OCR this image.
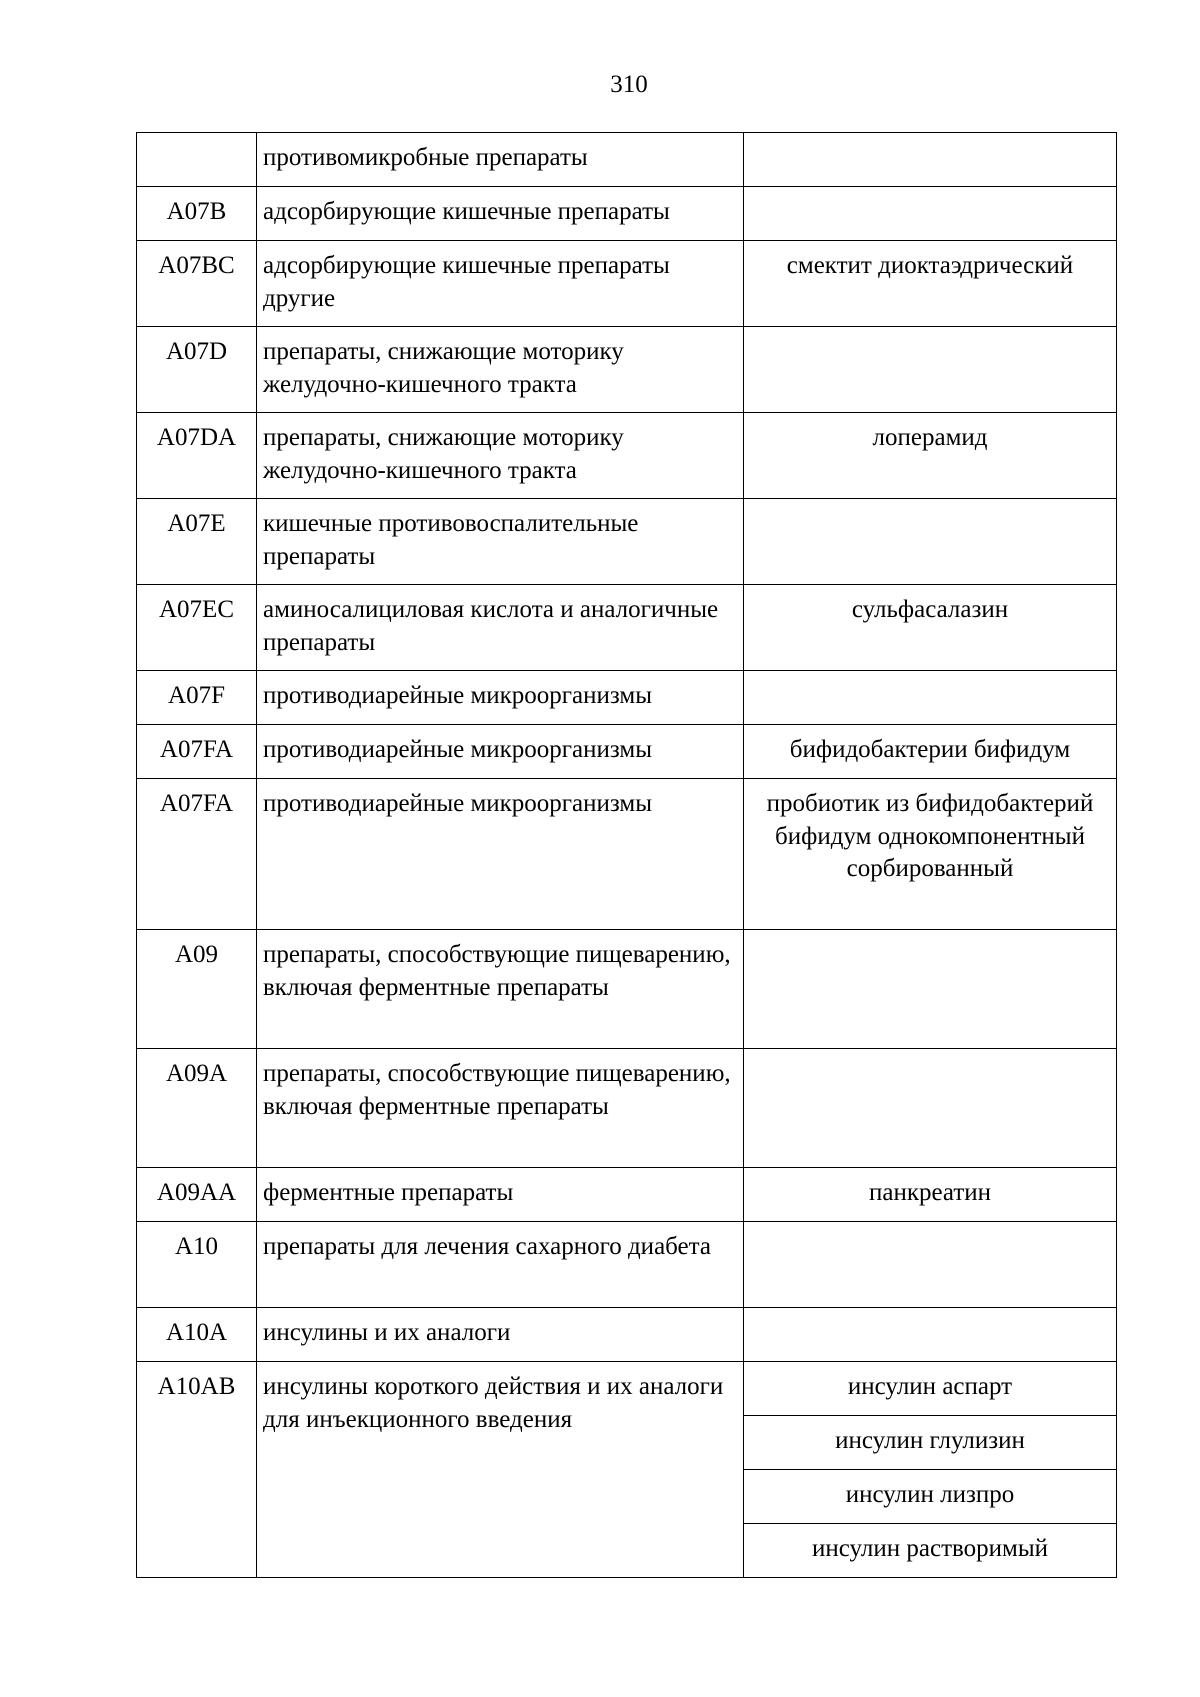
310
	противомикробные препараты	
A07B	адсорбирующие кишечные препараты	
A07BC	адсорбирующие кишечные препараты другие	смектит диоктаэдрический
A07D	препараты, снижающие моторику желудочно-кишечного тракта	
A07DA	препараты, снижающие моторику желудочно-кишечного тракта	лоперамид
A07E	кишечные противовоспалительные препараты	
A07EC	аминосалициловая кислота и аналогичные препараты	сульфасалазин
A07F	противодиарейные микроорганизмы	
A07FA	противодиарейные микроорганизмы	бифидобактерии бифидум
A07FA	противодиарейные микроорганизмы	пробиотик из бифидобактерий бифидум однокомпонентный сорбированный
A09	препараты, способствующие пищеварению, включая ферментные препараты	
A09A	препараты, способствующие пищеварению, включая ферментные препараты	
A09AA	ферментные препараты	панкреатин
A10	препараты для лечения сахарного диабета	
A10A	инсулины и их аналоги	
A10AB	инсулины короткого действия и их аналоги для инъекционного введения	инсулин аспарт
		инсулин глулизин
		инсулин лизпро
		инсулин растворимый
